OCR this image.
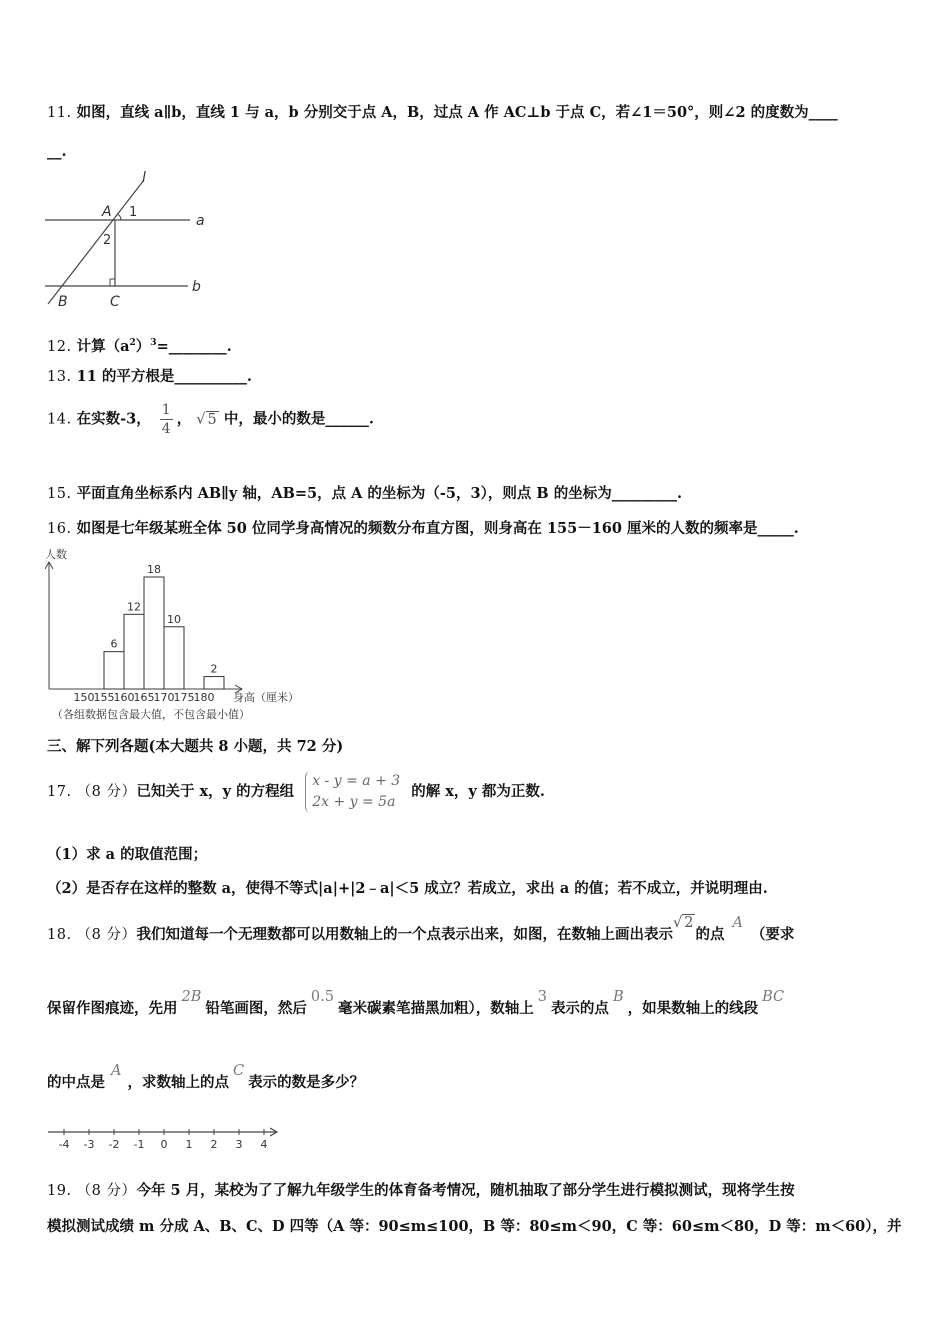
11. 如图，直线 a∥b，直线 1 与 a，b 分别交于点 A，B，过点 A 作 AC⊥b 于点 C，若∠1＝50°，则∠2 的度数为____
__.
l
A 1
2
a
b
B	C
12. 计算$(a^2)^3=\_\_\_\_\_\_\_\_$.
13. 11 的平方根是__________.
14. 在实数-3， $\frac{1}{4}$ ， √ 5 中，最小的数是______.
15. 平面直角坐标系内 AB∥y 轴，AB=5，点 A 的坐标为（-5，3），则点 B 的坐标为_________.
16. 如图是七年级某班全体 50 位同学身高情况的频数分布直方图，则身高在 155－160 厘米的人数的频率是_____.
人数
身高（厘米）
（各组数据包含最大值，不包含最小值）
6
12
18
10
2
150 155 160 165 170 175 180
三、解下列各题(本大题共 8 小题，共 72 分)
17. （8 分）已知关于 x，y 的方程组
x - y = a + 3
2x + y = 5a
的解 x，y 都为正数.
（1）求 a 的取值范围；
（2）是否存在这样的整数 a，使得不等式|a|+|2﹣a|＜5 成立？若成立，求出 a 的值；若不成立，并说明理由.
18. （8 分）我们知道每一个无理数都可以用数轴上的一个点表示出来，如图，在数轴上画出表示√ 2的点A（要求
保留作图痕迹，先用2B铅笔画图，然后0.5毫米碳素笔描黑加粗），数轴上3表示的点B，如果数轴上的线段BC
的中点是A，求数轴上的点C表示的数是多少？
-4 -3 -2 -1 0 1 2 3 4
19. （8 分）今年 5 月，某校为了了解九年级学生的体育备考情况，随机抽取了部分学生进行模拟测试，现将学生按
模拟测试成绩 m 分成 A、B、C、D 四等（A 等：90≤m≤100，B 等：80≤m＜90，C 等：60≤m＜80，D 等：m＜60），并
